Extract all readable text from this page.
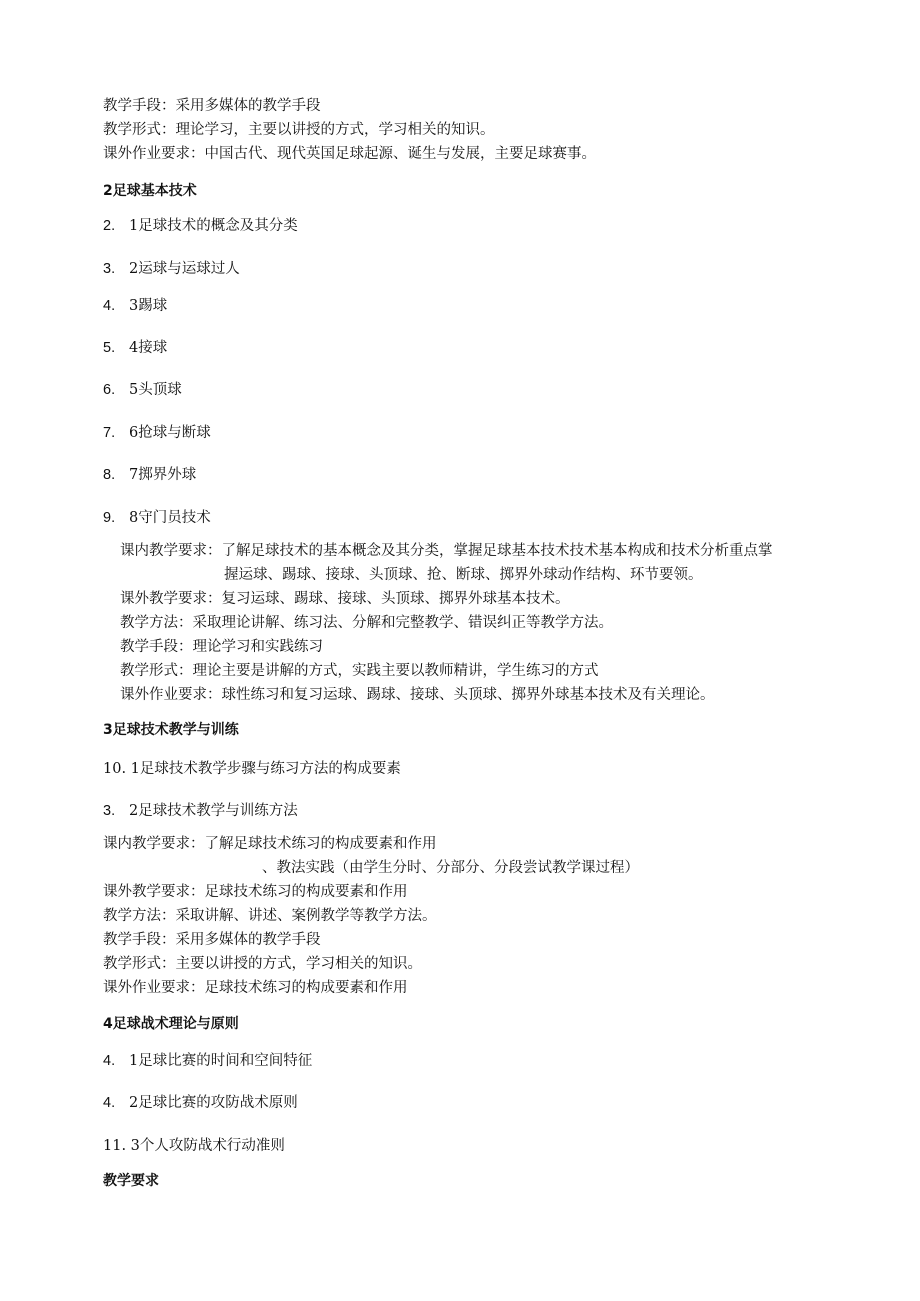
教学手段：采用多媒体的教学手段
教学形式：理论学习，主要以讲授的方式，学习相关的知识。
课外作业要求：中国古代、现代英国足球起源、诞生与发展，主要足球赛事。
2足球基本技术
2. 1足球技术的概念及其分类
3. 2运球与运球过人
4. 3踢球
5. 4接球
6. 5头顶球
7. 6抢球与断球
8. 7掷界外球
9. 8守门员技术
课内教学要求：了解足球技术的基本概念及其分类，掌握足球基本技术技术基本构成和技术分析重点掌
握运球、踢球、接球、头顶球、抢、断球、掷界外球动作结构、环节要领。
课外教学要求：复习运球、踢球、接球、头顶球、掷界外球基本技术。
教学方法：采取理论讲解、练习法、分解和完整教学、错误纠正等教学方法。
教学手段：理论学习和实践练习
教学形式：理论主要是讲解的方式，实践主要以教师精讲，学生练习的方式
课外作业要求：球性练习和复习运球、踢球、接球、头顶球、掷界外球基本技术及有关理论。
3足球技术教学与训练
10. 1足球技术教学步骤与练习方法的构成要素
3. 2足球技术教学与训练方法
课内教学要求：了解足球技术练习的构成要素和作用
、教法实践（由学生分时、分部分、分段尝试教学课过程）
课外教学要求：足球技术练习的构成要素和作用
教学方法：采取讲解、讲述、案例教学等教学方法。
教学手段：采用多媒体的教学手段
教学形式：主要以讲授的方式，学习相关的知识。
课外作业要求：足球技术练习的构成要素和作用
4足球战术理论与原则
4. 1足球比赛的时间和空间特征
4. 2足球比赛的攻防战术原则
11. 3个人攻防战术行动准则
教学要求
